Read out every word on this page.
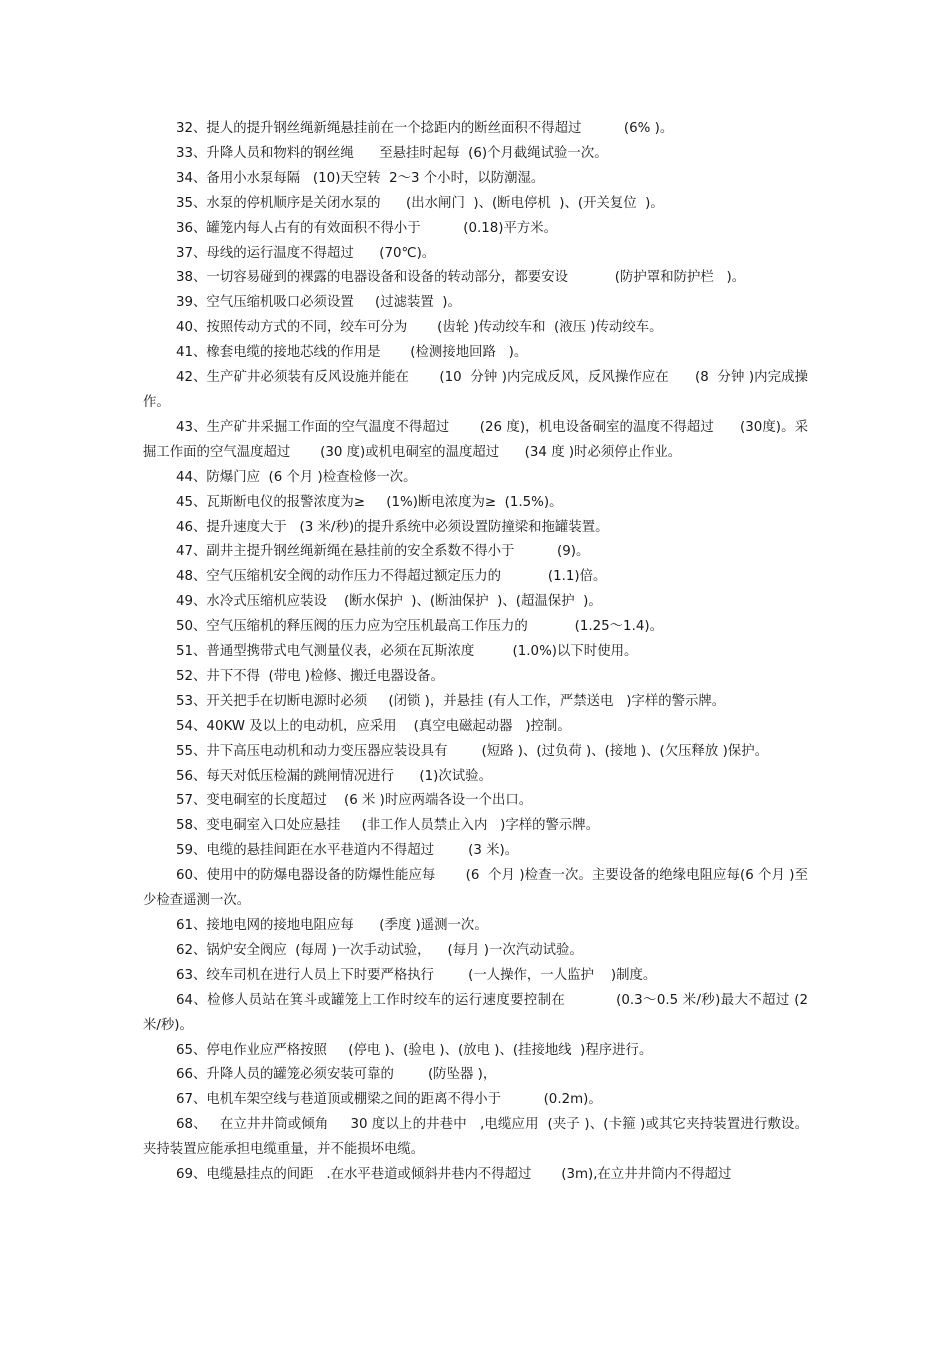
32、提人的提升钢丝绳新绳悬挂前在一个捻距内的断丝面积不得超过          (6% )。

33、升降人员和物料的钢丝绳      至悬挂时起每  (6)个月截绳试验一次。

34、备用小水泵每隔   (10)天空转  2～3 个小时，以防潮湿。

35、水泵的停机顺序是关闭水泵的      (出水闸门  )、(断电停机  )、(开关复位  )。

36、罐笼内每人占有的有效面积不得小于          (0.18)平方米。

37、母线的运行温度不得超过      (70℃)。

38、一切容易碰到的裸露的电器设备和设备的转动部分，都要安设           (防护罩和防护栏   )。

39、空气压缩机吸口必须设置     (过滤装置  )。

40、按照传动方式的不同，绞车可分为       (齿轮 )传动绞车和  (液压 )传动绞车。

41、橡套电缆的接地芯线的作用是       (检测接地回路   )。

42、生产矿井必须装有反风设施并能在       (10  分钟 )内完成反风，反风操作应在      (8  分钟 )内完成操作。

43、生产矿井采掘工作面的空气温度不得超过       (26 度)，机电设备硐室的温度不得超过      (30度)。采掘工作面的空气温度超过       (30 度)或机电硐室的温度超过      (34 度 )时必须停止作业。

44、防爆门应  (6 个月 )检查检修一次。

45、瓦斯断电仪的报警浓度为≥     (1%)断电浓度为≥  (1.5%)。

46、提升速度大于   (3 米/秒)的提升系统中必须设置防撞梁和拖罐装置。

47、副井主提升钢丝绳新绳在悬挂前的安全系数不得小于          (9)。

48、空气压缩机安全阀的动作压力不得超过额定压力的           (1.1)倍。

49、水冷式压缩机应装设    (断水保护  )、(断油保护  )、(超温保护  )。

50、空气压缩机的释压阀的压力应为空压机最高工作压力的           (1.25～1.4)。

51、普通型携带式电气测量仪表，必须在瓦斯浓度         (1.0%)以下时使用。

52、井下不得  (带电 )检修、搬迁电器设备。

53、开关把手在切断电源时必须     (闭锁 )，并悬挂 (有人工作，严禁送电   )字样的警示牌。

54、40KW 及以上的电动机，应采用    (真空电磁起动器   )控制。

55、井下高压电动机和动力变压器应装设具有        (短路 )、(过负荷 )、(接地 )、(欠压释放 )保护。

56、每天对低压检漏的跳闸情况进行      (1)次试验。

57、变电硐室的长度超过    (6 米 )时应两端各设一个出口。

58、变电硐室入口处应悬挂     (非工作人员禁止入内   )字样的警示牌。

59、电缆的悬挂间距在水平巷道内不得超过        (3 米)。

60、使用中的防爆电器设备的防爆性能应每       (6  个月 )检查一次。主要设备的绝缘电阻应每(6 个月 )至少检查遥测一次。

61、接地电网的接地电阻应每      (季度 )遥测一次。

62、锅炉安全阀应  (每周 )一次手动试验，    (每月 )一次汽动试验。

63、绞车司机在进行人员上下时要严格执行        (一人操作，一人监护    )制度。

64、检修人员站在箕斗或罐笼上工作时绞车的运行速度要控制在           (0.3～0.5 米/秒)最大不超过 (2 米/秒)。

65、停电作业应严格按照     (停电 )、(验电 )、(放电 )、(挂接地线  )程序进行。

66、升降人员的罐笼必须安装可靠的        (防坠器 )，

67、电机车架空线与巷道顶或棚梁之间的距离不得小于          (0.2m)。

68、   在立井井筒或倾角     30 度以上的井巷中   ,电缆应用  (夹子 )、(卡箍 )或其它夹持装置进行敷设。夹持装置应能承担电缆重量，并不能损坏电缆。

69、电缆悬挂点的间距   .在水平巷道或倾斜井巷内不得超过       (3m),在立井井筒内不得超过
